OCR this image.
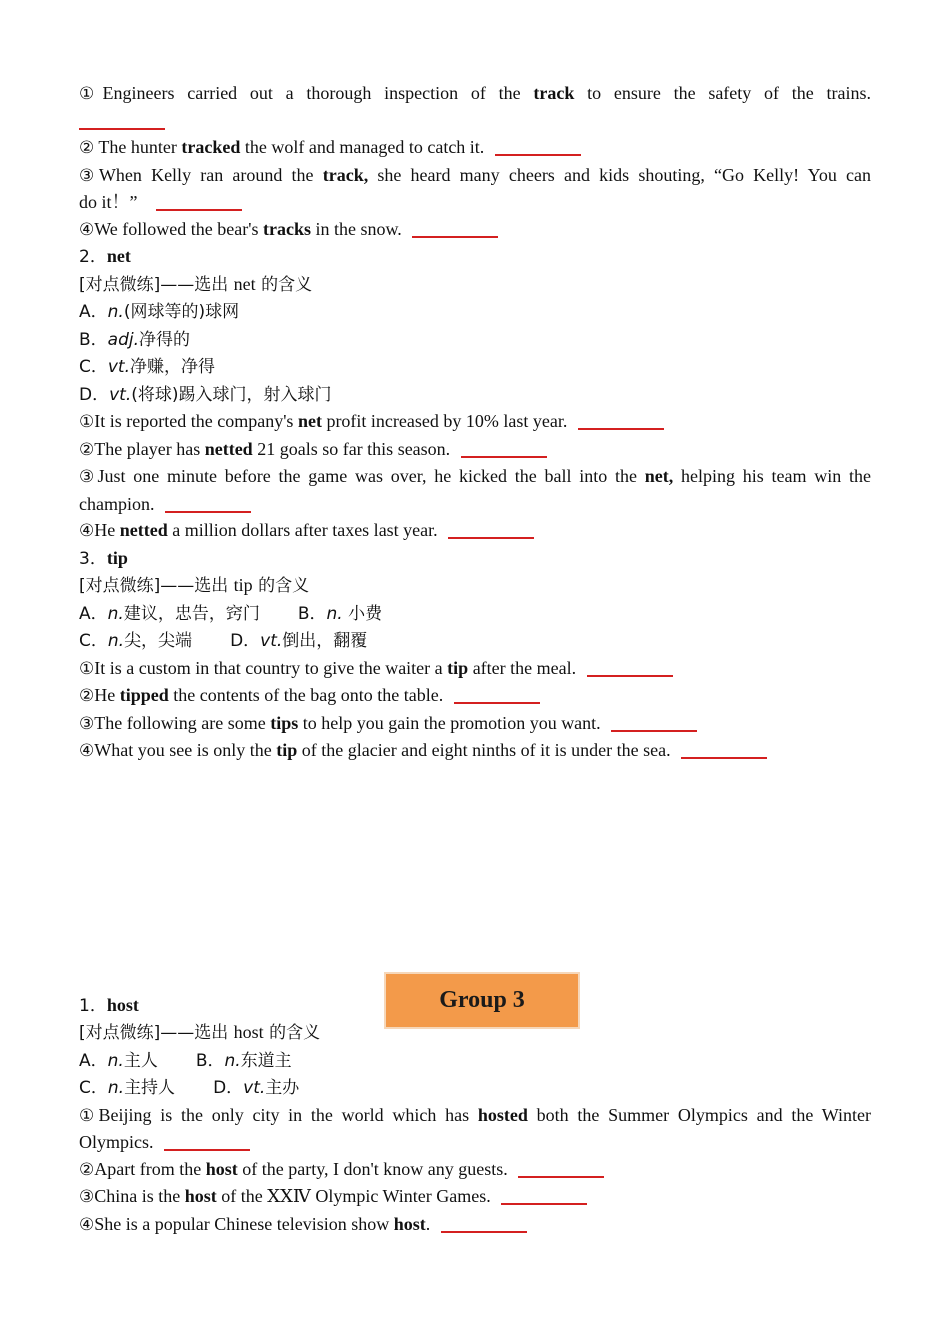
①Engineers carried out a thorough inspection of the track to ensure the safety of the trains.
② The hunter tracked the wolf and managed to catch it.
③When Kelly ran around the track, she heard many cheers and kids shouting, “Go Kelly! You can
do it！”
④We followed the bear's tracks in the snow.
2．net
[对点微练]——选出 net 的含义
A．n.(网球等的)球网
B．adj.净得的
C．vt.净赚，净得
D．vt.(将球)踢入球门，射入球门
①It is reported the company's net profit increased by 10% last year.
②The player has netted 21 goals so far this season.
③Just one minute before the game was over, he kicked the ball into the net, helping his team win the
champion.
④He netted a million dollars after taxes last year.
3．tip
[对点微练]——选出 tip 的含义
A．n.建议，忠告，窍门 B．n. 小费
C．n.尖，尖端 D．vt.倒出，翻覆
①It is a custom in that country to give the waiter a tip after the meal.
②He tipped the contents of the bag onto the table.
③The following are some tips to help you gain the promotion you want.
④What you see is only the tip of the glacier and eight ninths of it is under the sea.
1．host
[对点微练]——选出 host 的含义
A．n.主人 B．n.东道主
C．n.主持人 D．vt.主办
①Beijing is the only city in the world which has hosted both the Summer Olympics and the Winter
Olympics.
②Apart from the host of the party, I don't know any guests.
③China is the host of the ⅩⅩⅣ Olympic Winter Games.
④She is a popular Chinese television show host.
Group 3
